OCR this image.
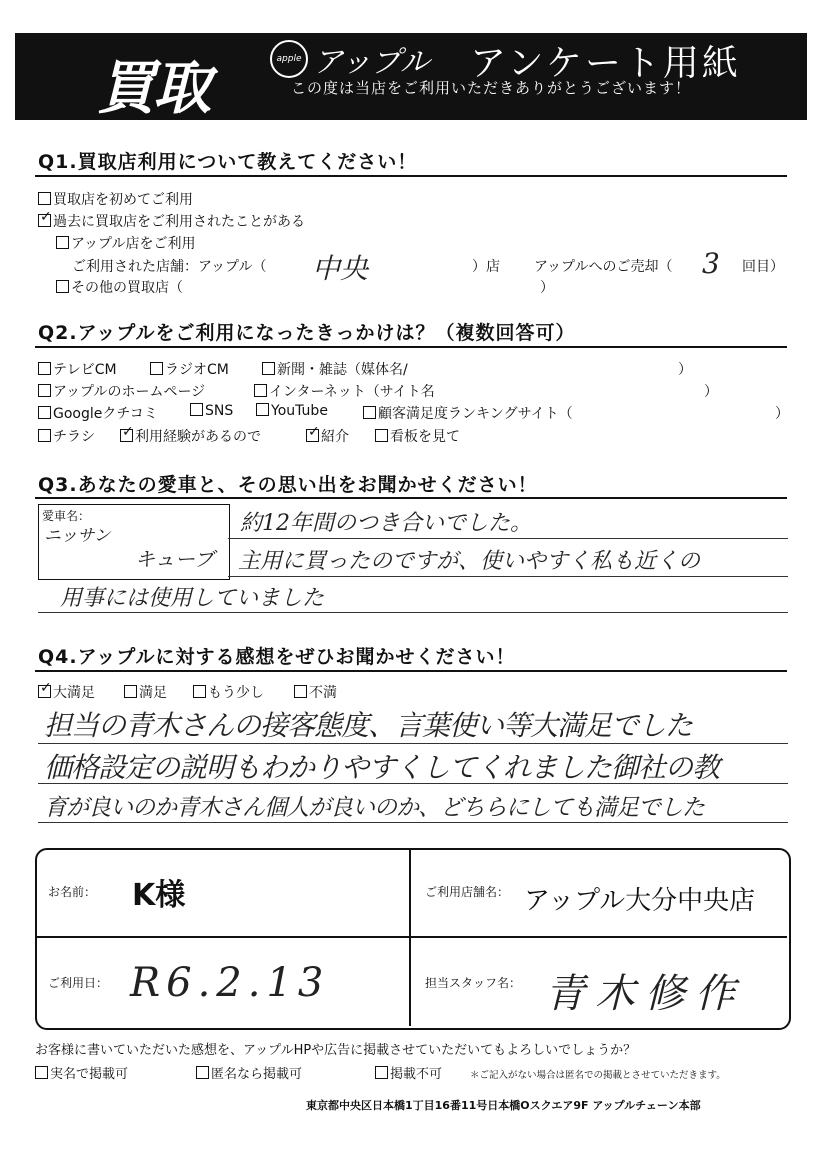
買取	apple アップル アンケート用紙
この度は当店をご利用いただきありがとうございます！
Q1.買取店利用について教えてください！
買取店を初めてご利用
✓過去に買取店をご利用されたことがある
アップル店をご利用
ご利用された店舗：アップル（ 中央	）店 アップルへのご売却（ 3 回目）
その他の買取店（	）
Q2.アップルをご利用になったきっかけは？（複数回答可）
テレビCM	ラジオCM	新聞・雑誌（媒体名/	）
アップルのホームページ	インターネット（サイト名	）
Googleクチコミ	SNS	YouTube	顧客満足度ランキングサイト（	）
チラシ ✓	利用経験があるので ✓	紹介	看板を見て
Q3.あなたの愛車と、その思い出をお聞かせください！
愛車名：
ニッサン
キューブ
約12年間のつき合いでした。
主用に買ったのですが、使いやすく私も近くの
用事には使用していました
Q4.アップルに対する感想をぜひお聞かせください！
✓大満足	満足	もう少し	不満
担当の青木さんの接客態度、言葉使い等大満足でした
価格設定の説明もわかりやすくしてくれました御社の教
育が良いのか青木さん個人が良いのか、どちらにしても満足でした
お名前： K様	ご利用店舗名： アップル大分中央店
ご利用日： R6.2.13	担当スタッフ名： 青木修作
お客様に書いていただいた感想を、アップルHPや広告に掲載させていただいてもよろしいでしょうか？
実名で掲載可	匿名なら掲載可	掲載不可	＊ご記入がない場合は匿名での掲載とさせていただきます。
東京都中央区日本橋1丁目16番11号日本橋Oスクエア9F アップルチェーン本部
